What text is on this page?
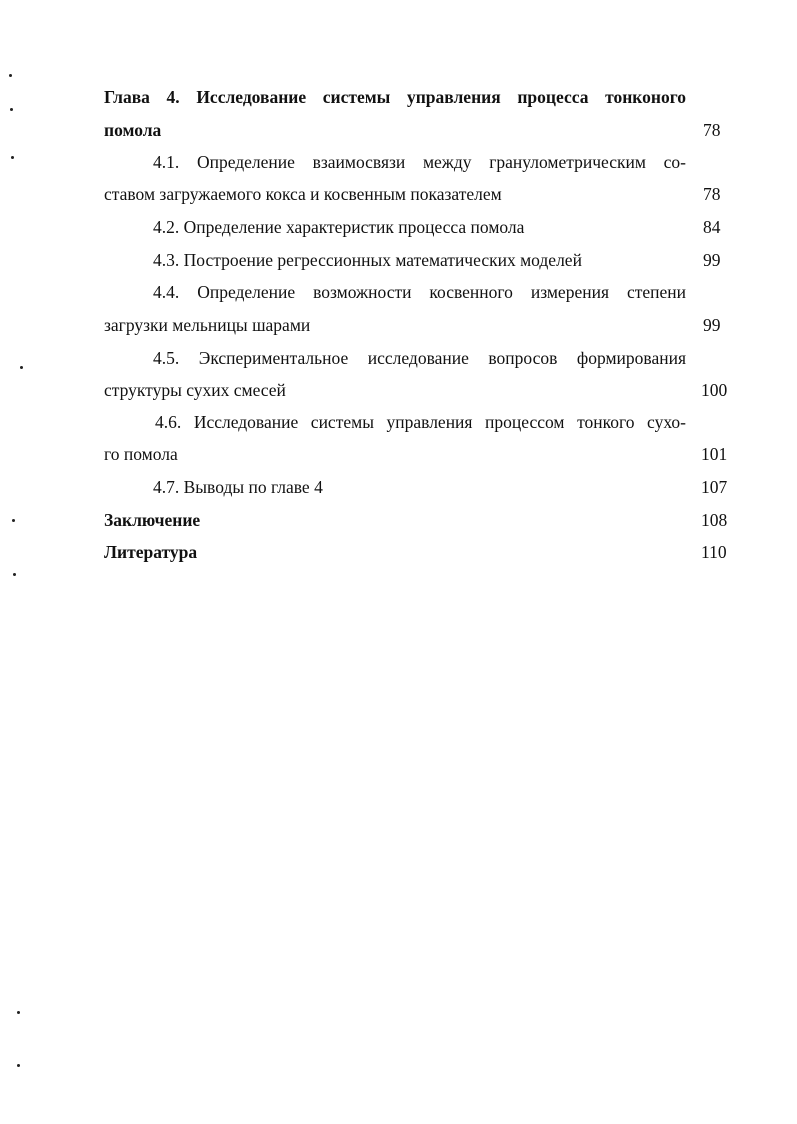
Глава 4. Исследование системы управления процесса тонконого
помола	78
4.1. Определение взаимосвязи между гранулометрическим со-
ставом загружаемого кокса и косвенным показателем	78
4.2. Определение характеристик процесса помола	84
4.3. Построение регрессионных математических моделей	99
4.4. Определение возможности косвенного измерения степени
загрузки мельницы шарами	99
4.5. Экспериментальное исследование вопросов формирования
структуры сухих смесей	100
4.6. Исследование системы управления процессом тонкого сухо-
го помола	101
4.7. Выводы по главе 4	107
Заключение	108
Литература	110
